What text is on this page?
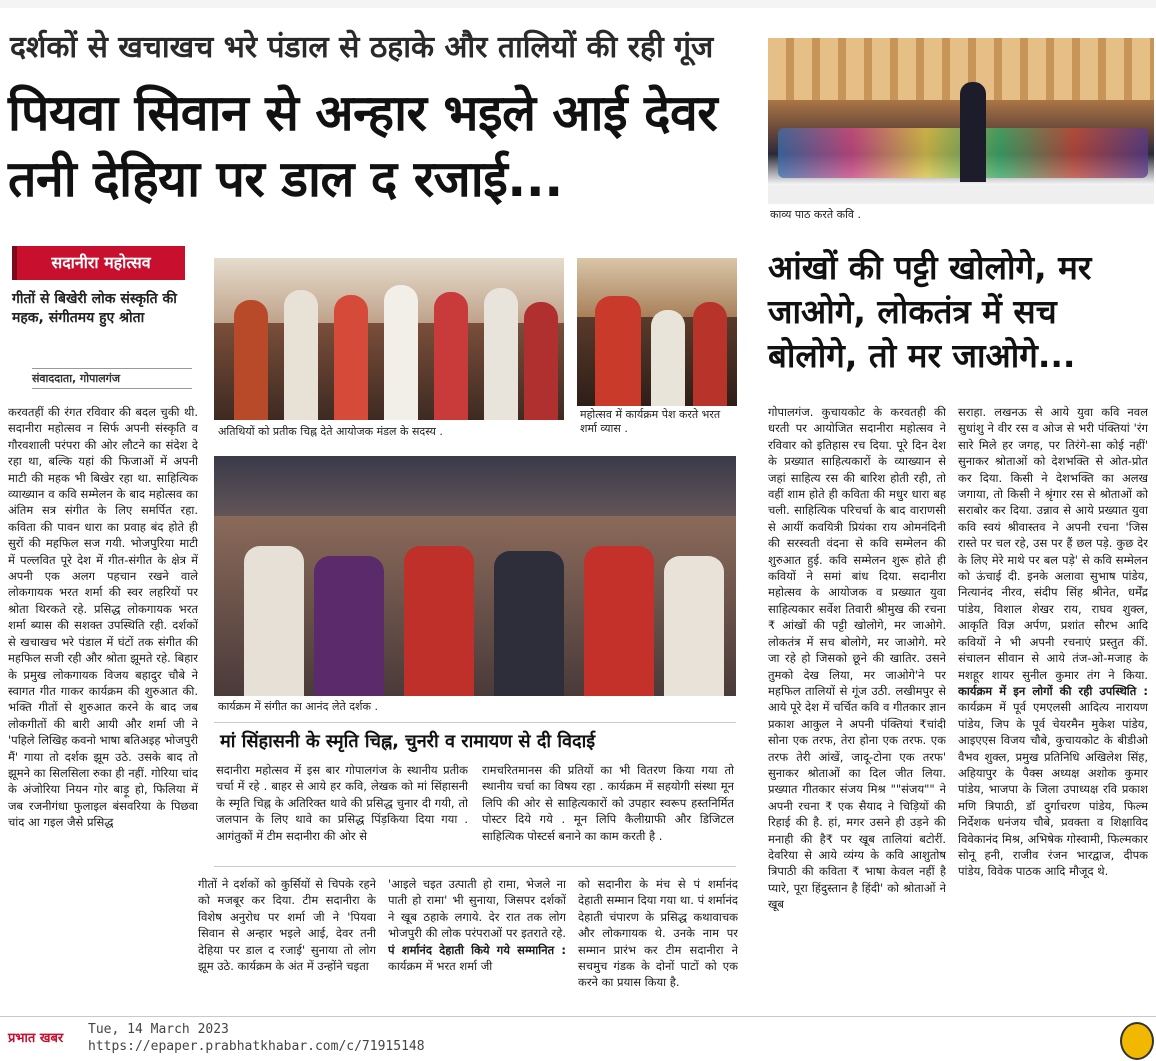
दर्शकों से खचाखच भरे पंडाल से ठहाके और तालियों की रही गूंज
पियवा सिवान से अन्हार भइले आई देवर तनी देहिया पर डाल द रजाई...
काव्य पाठ करते कवि .
आंखों की पट्टी खोलोगे, मर जाओगे, लोकतंत्र में सच बोलोगे, तो मर जाओगे...
सदानीरा महोत्सव
गीतों से बिखेरी लोक संस्कृति की महक, संगीतमय हुए श्रोता
संवाददाता, गोपालगंज
करवतहीं की रंगत रविवार की बदल चुकी थी. सदानीरा महोत्सव न सिर्फ अपनी संस्कृति व गौरवशाली परंपरा की ओर लौटने का संदेश दे रहा था, बल्कि यहां की फिजाओं में अपनी माटी की महक भी बिखेर रहा था. साहित्यिक व्याख्यान व कवि सम्मेलन के बाद महोत्सव का अंतिम सत्र संगीत के लिए समर्पित रहा. कविता की पावन धारा का प्रवाह बंद होते ही सुरों की महफिल सज गयी. भोजपुरिया माटी में पल्लवित पूरे देश में गीत-संगीत के क्षेत्र में अपनी एक अलग पहचान रखने वाले लोकगायक भरत शर्मा की स्वर लहरियों पर श्रोता थिरकते रहे. प्रसिद्ध लोकगायक भरत शर्मा ब्यास की सशक्त उपस्थिति रही. दर्शकों से खचाखच भरे पंडाल में घंटों तक संगीत की महफिल सजी रही और श्रोता झूमते रहे. बिहार के प्रमुख लोकगायक विजय बहादुर चौबे ने स्वागत गीत गाकर कार्यक्रम की शुरुआत की. भक्ति गीतों से शुरुआत करने के बाद जब लोकगीतों की बारी आयी और शर्मा जी ने 'पहिले लिखिह कवनो भाषा बतिअइह भोजपुरी मैं' गाया तो दर्शक झूम उठे. उसके बाद तो झूमने का सिलसिला रुका ही नहीं. गोरिया चांद के अंजोरिया नियन गोर बाड़ू हो, फिलिया में जब रजनीगंधा फुलाइल बंसवरिया के पिछवा चांद आ गइल जैसे प्रसिद्ध
अतिथियों को प्रतीक चिह्न देते आयोजक मंडल के सदस्य .
महोत्सव में कार्यक्रम पेश करते भरत शर्मा व्यास .
कार्यक्रम में संगीत का आनंद लेते दर्शक .
मां सिंहासनी के स्मृति चिह्न, चुनरी व रामायण से दी विदाई
सदानीरा महोत्सव में इस बार गोपालगंज के स्थानीय प्रतीक चर्चा में रहे . बाहर से आये हर कवि, लेखक को मां सिंहासनी के स्मृति चिह्न के अतिरिक्त थावे की प्रसिद्ध चुनार दी गयी, तो जलपान के लिए थावे का प्रसिद्ध पिंड़किया दिया गया . आगंतुकों में टीम सदानीरा की ओर से
रामचरितमानस की प्रतियों का भी वितरण किया गया तो स्थानीय चर्चा का विषय रहा . कार्यक्रम में सहयोगी संस्था मून लिपि की ओर से साहित्यकारों को उपहार स्वरूप हस्तनिर्मित पोस्टर दिये गये . मून लिपि कैलीग्राफी और डिजिटल साहित्यिक पोस्टर्स बनाने का काम करती है .
गीतों ने दर्शकों को कुर्सियों से चिपके रहने को मजबूर कर दिया. टीम सदानीरा के विशेष अनुरोध पर शर्मा जी ने 'पियवा सिवान से अन्हार भइले आई, देवर तनी देहिया पर डाल द रजाई' सुनाया तो लोग झूम उठे. कार्यक्रम के अंत में उन्होंने चइता
'आइले चइत उत्पाती हो रामा, भेजले ना पाती हो रामा' भी सुनाया, जिसपर दर्शकों ने खूब ठहाके लगाये. देर रात तक लोग भोजपुरी की लोक परंपराओं पर इतराते रहे. पं शर्मानंद देहाती किये गये सम्मानित : कार्यक्रम में भरत शर्मा जी
को सदानीरा के मंच से पं शर्मानंद देहाती सम्मान दिया गया था. पं शर्मानंद देहाती चंपारण के प्रसिद्ध कथावाचक और लोकगायक थे. उनके नाम पर सम्मान प्रारंभ कर टीम सदानीरा ने सचमुच गंडक के दोनों पाटों को एक करने का प्रयास किया है.
गोपालगंज. कुचायकोट के करवतही की धरती पर आयोजित सदानीरा महोत्सव ने रविवार को इतिहास रच दिया. पूरे दिन देश के प्रख्यात साहित्यकारों के व्याख्यान से जहां साहित्य रस की बारिश होती रही, तो वहीं शाम होते ही कविता की मधुर धारा बह चली. साहित्यिक परिचर्चा के बाद वाराणसी से आयीं कवयित्री प्रियंका राय ओमनंदिनी की सरस्वती वंदना से कवि सम्मेलन की शुरुआत हुई. कवि सम्मेलन शुरू होते ही कवियों ने समां बांध दिया. सदानीरा महोत्सव के आयोजक व प्रख्यात युवा साहित्यकार सर्वेश तिवारी श्रीमुख की रचना ₹ आंखों की पट्टी खोलोगे, मर जाओगे. लोकतंत्र में सच बोलोगे, मर जाओगे. मरे जा रहे हो जिसको छूने की खातिर. उसने तुमको देख लिया, मर जाओगे'ने पर महफिल तालियों से गूंज उठी. लखीमपुर से आये पूरे देश में चर्चित कवि व गीतकार ज्ञान प्रकाश आकुल ने अपनी पंक्तियां ₹चांदी सोना एक तरफ, तेरा होना एक तरफ. एक तरफ तेरी आंखें, जादू-टोना एक तरफ' सुनाकर श्रोताओं का दिल जीत लिया. प्रख्यात गीतकार संजय मिश्र ""संजय"" ने अपनी रचना ₹ एक सैयाद ने चिड़ियों की रिहाई की है. हां, मगर उसने ही उड़ने की मनाही की है₹ पर खूब तालियां बटोरीं. देवरिया से आये व्यंग्य के कवि आशुतोष त्रिपाठी की कविता ₹ भाषा केवल नहीं है प्यारे, पूरा हिंदुस्तान है हिंदी' को श्रोताओं ने खूब
सराहा. लखनऊ से आये युवा कवि नवल सुधांशु ने वीर रस व ओज से भरी पंक्तियां 'रंग सारे मिले हर जगह, पर तिरंगे-सा कोई नहीं' सुनाकर श्रोताओं को देशभक्ति से ओत-प्रोत कर दिया. किसी ने देशभक्ति का अलख जगाया, तो किसी ने श्रृंगार रस से श्रोताओं को सराबोर कर दिया. उन्नाव से आये प्रख्यात युवा कवि स्वयं श्रीवास्तव ने अपनी रचना 'जिस रास्ते पर चल रहे, उस पर हैं छल पड़े. कुछ देर के लिए मेरे माथे पर बल पड़े' से कवि सम्मेलन को ऊंचाई दी. इनके अलावा सुभाष पांडेय, नित्यानंद नीरव, संदीप सिंह श्रीनेत, धर्मेंद्र पांडेय, विशाल शेखर राय, राघव शुक्ल, आकृति विज्ञ अर्पण, प्रशांत सौरभ आदि कवियों ने भी अपनी रचनाएं प्रस्तुत कीं. संचालन सीवान से आये तंज-ओ-मजाह के मशहूर शायर सुनील कुमार तंग ने किया. कार्यक्रम में इन लोगों की रही उपस्थिति : कार्यक्रम में पूर्व एमएलसी आदित्य नारायण पांडेय, जिप के पूर्व चेयरमैन मुकेश पांडेय, आइएएस विजय चौबे, कुचायकोट के बीडीओ वैभव शुक्ल, प्रमुख प्रतिनिधि अखिलेश सिंह, अहियापुर के पैक्स अध्यक्ष अशोक कुमार पांडेय, भाजपा के जिला उपाध्यक्ष रवि प्रकाश मणि त्रिपाठी, डॉ दुर्गाचरण पांडेय, फिल्म निर्देशक धनंजय चौबे, प्रवक्ता व शिक्षाविद विवेकानंद मिश्र, अभिषेक गोस्वामी, फिल्मकार सोनू हनी, राजीव रंजन भारद्वाज, दीपक पांडेय, विवेक पाठक आदि मौजूद थे.
प्रभात खबर
Tue, 14 March 2023
https://epaper.prabhatkhabar.com/c/71915148
